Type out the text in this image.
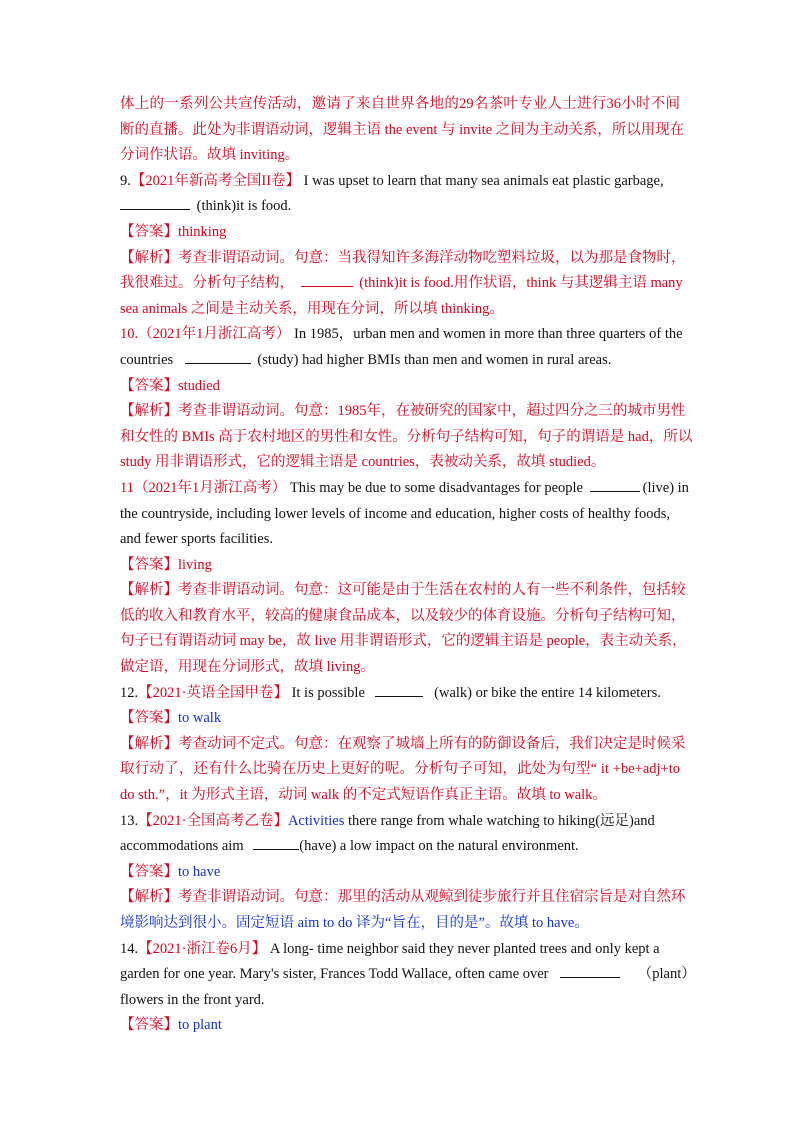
体上的一系列公共宣传活动，邀请了来自世界各地的29名茶叶专业人士进行36小时不间
断的直播。此处为非谓语动词，逻辑主语 the event 与 invite 之间为主动关系，所以用现在
分词作状语。故填 inviting。
9.【2021年新高考全国II卷】 I was upset to learn that many sea animals eat plastic garbage,
(think)it is food.
【答案】thinking
【解析】考查非谓语动词。句意：当我得知许多海洋动物吃塑料垃圾，以为那是食物时，
我很难过。分析句子结构，	(think)it is food.用作状语，think 与其逻辑主语 many
sea animals 之间是主动关系，用现在分词，所以填 thinking。
10.（2021年1月浙江高考） In 1985，urban men and women in more than three quarters of the
countries	(study) had higher BMIs than men and women in rural areas.
【答案】studied
【解析】考查非谓语动词。句意：1985年，在被研究的国家中，超过四分之三的城市男性
和女性的 BMIs 高于农村地区的男性和女性。分析句子结构可知，句子的谓语是 had，所以
study 用非谓语形式，它的逻辑主语是 countries，表被动关系，故填 studied。
11（2021年1月浙江高考） This may be due to some disadvantages for people	(live) in
the countryside, including lower levels of income and education, higher costs of healthy foods,
and fewer sports facilities.
【答案】living
【解析】考查非谓语动词。句意：这可能是由于生活在农村的人有一些不利条件，包括较
低的收入和教育水平，较高的健康食品成本，以及较少的体育设施。分析句子结构可知，
句子已有谓语动词 may be，故 live 用非谓语形式，它的逻辑主语是 people，表主动关系，
做定语，用现在分词形式，故填 living。
12.【2021·英语全国甲卷】 It is possible	(walk) or bike the entire 14 kilometers.
【答案】to walk
【解析】考查动词不定式。句意：在观察了城墙上所有的防御设备后，我们决定是时候采
取行动了，还有什么比骑在历史上更好的呢。分析句子可知，此处为句型“ it +be+adj+to
do sth.”，it 为形式主语，动词 walk 的不定式短语作真正主语。故填 to walk。
13.【2021·全国高考乙卷】Activities there range from whale watching to hiking(远足)and
accommodations aim	(have) a low impact on the natural environment.
【答案】to have
【解析】考查非谓语动词。句意：那里的活动从观鲸到徒步旅行并且住宿宗旨是对自然环
境影响达到很小。固定短语 aim to do 译为“旨在，目的是”。故填 to have。
14.【2021·浙江卷6月】 A long- time neighbor said they never planted trees and only kept a
garden for one year. Mary's sister, Frances Todd Wallace, often came over	（plant）
flowers in the front yard.
【答案】to plant
